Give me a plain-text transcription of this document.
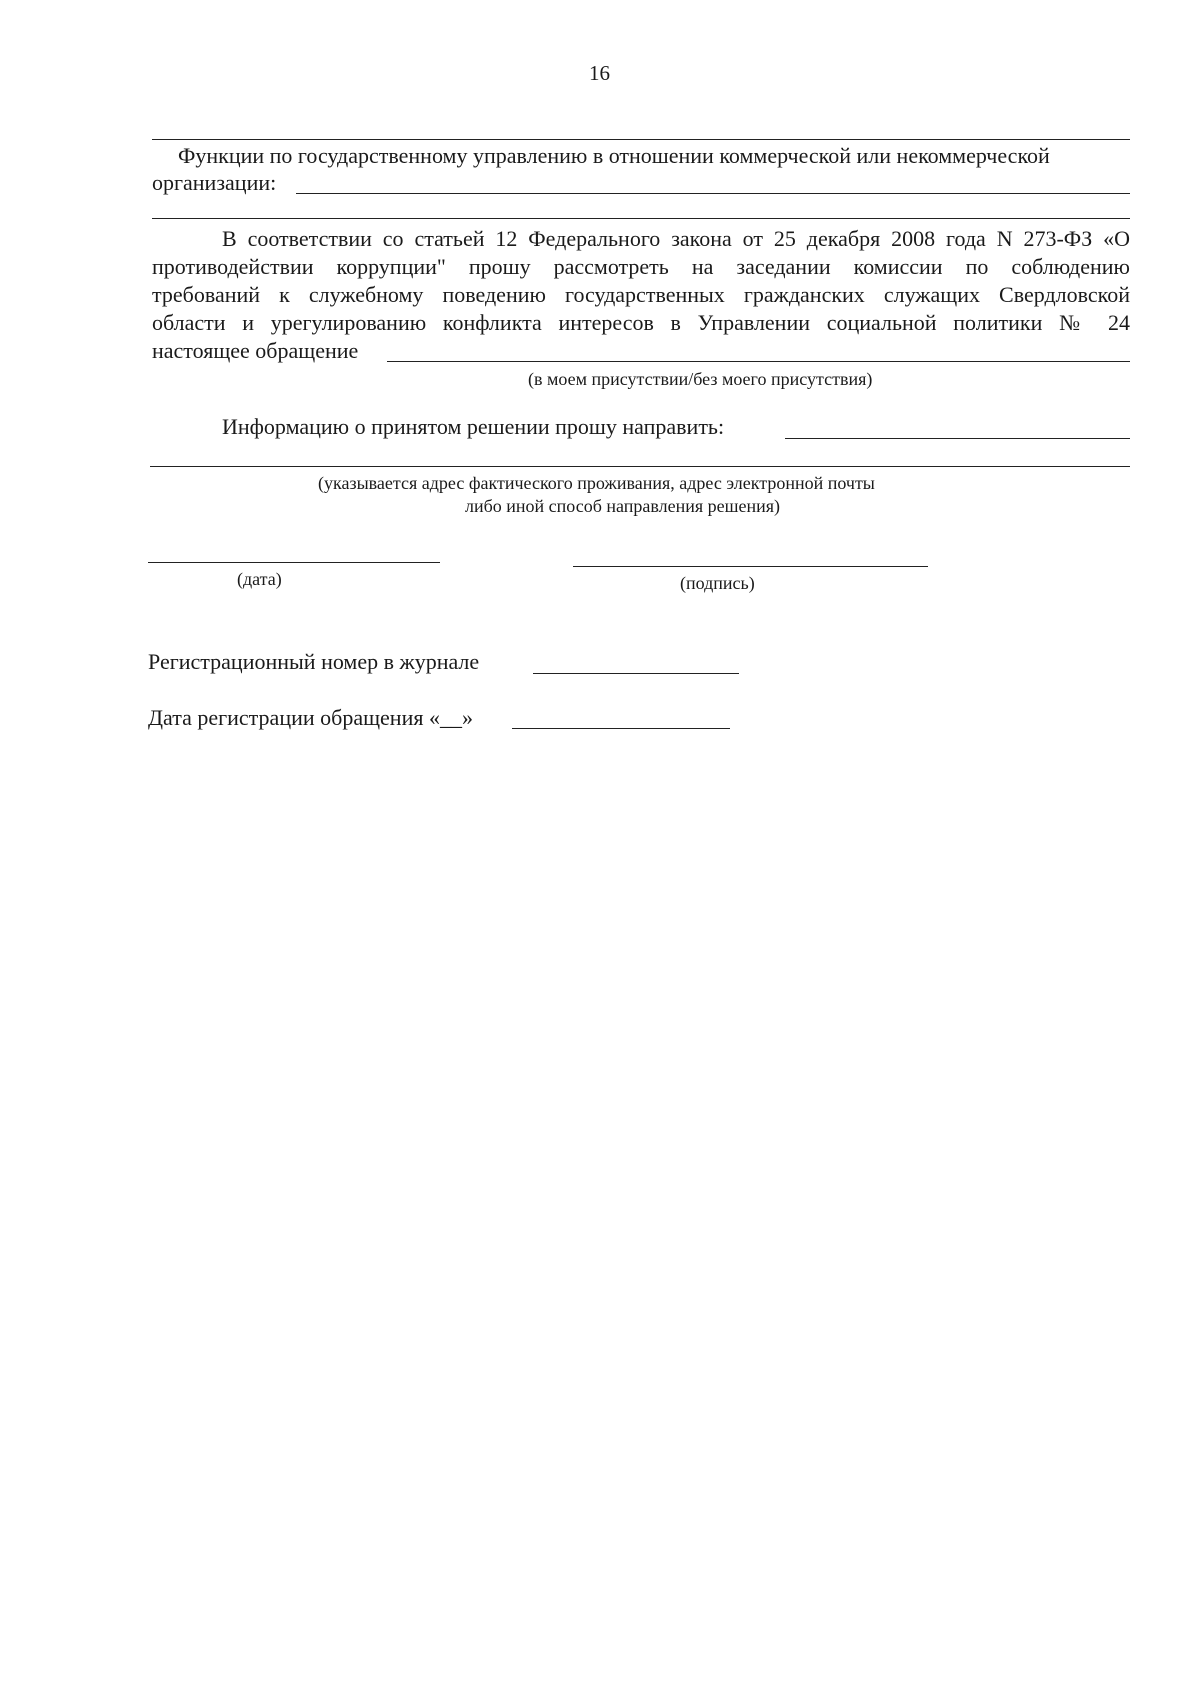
16
Функции по государственному управлению в отношении коммерческой или некоммерческой
организации:
В соответствии со статьей 12 Федерального закона от 25 декабря 2008 года N 273-ФЗ «О
противодействии коррупции" прошу рассмотреть на заседании комиссии по соблюдению
требований к служебному поведению государственных гражданских служащих Свердловской
области и урегулированию конфликта интересов в Управлении социальной политики № 24
настоящее обращение
(в моем присутствии/без моего присутствия)
Информацию о принятом решении прошу направить:
(указывается адрес фактического проживания, адрес электронной почты
либо иной способ направления решения)
(дата)	(подпись)
Регистрационный номер в журнале
Дата регистрации обращения «__»
